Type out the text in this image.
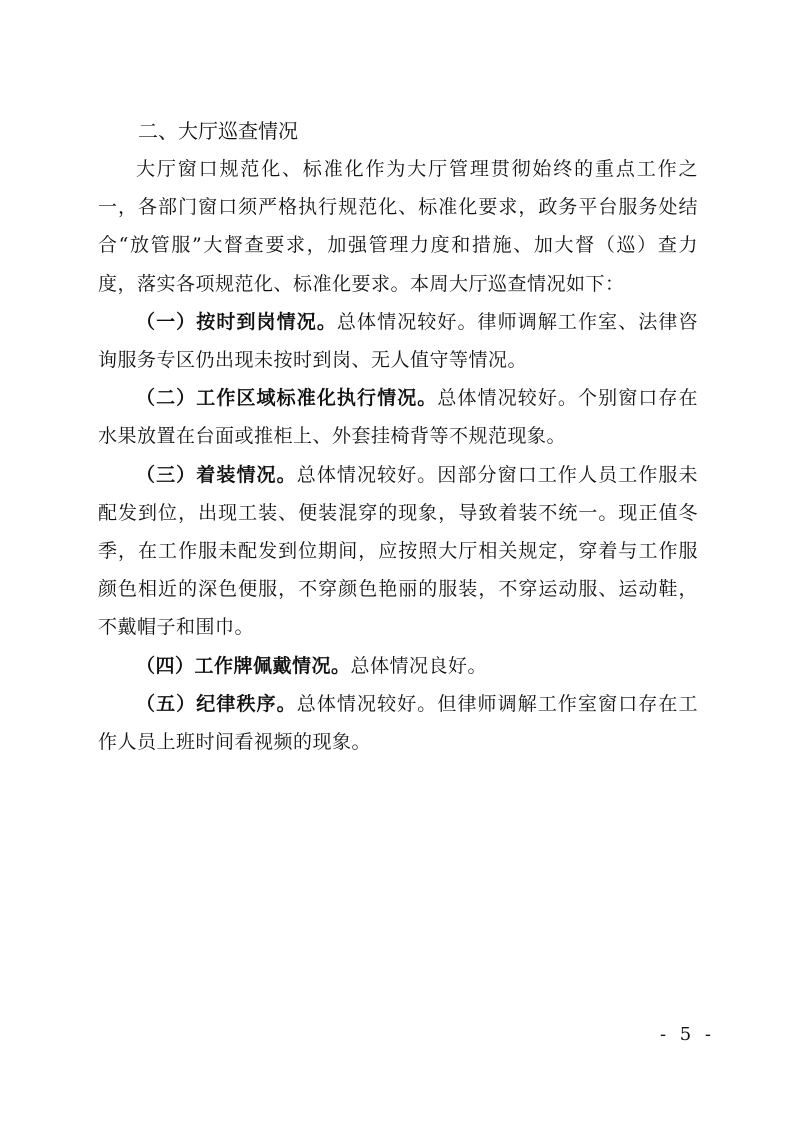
二、大厅巡查情况

大厅窗口规范化、标准化作为大厅管理贯彻始终的重点工作之一，各部门窗口须严格执行规范化、标准化要求，政务平台服务处结合“放管服”大督查要求，加强管理力度和措施、加大督（巡）查力度，落实各项规范化、标准化要求。本周大厅巡查情况如下：

（一）按时到岗情况。总体情况较好。律师调解工作室、法律咨询服务专区仍出现未按时到岗、无人值守等情况。

（二）工作区域标准化执行情况。总体情况较好。个别窗口存在水果放置在台面或推柜上、外套挂椅背等不规范现象。

（三）着装情况。总体情况较好。因部分窗口工作人员工作服未配发到位，出现工装、便装混穿的现象，导致着装不统一。现正值冬季，在工作服未配发到位期间，应按照大厅相关规定，穿着与工作服颜色相近的深色便服，不穿颜色艳丽的服装，不穿运动服、运动鞋，不戴帽子和围巾。

（四）工作牌佩戴情况。总体情况良好。

（五）纪律秩序。总体情况较好。但律师调解工作室窗口存在工作人员上班时间看视频的现象。

- 5 -
